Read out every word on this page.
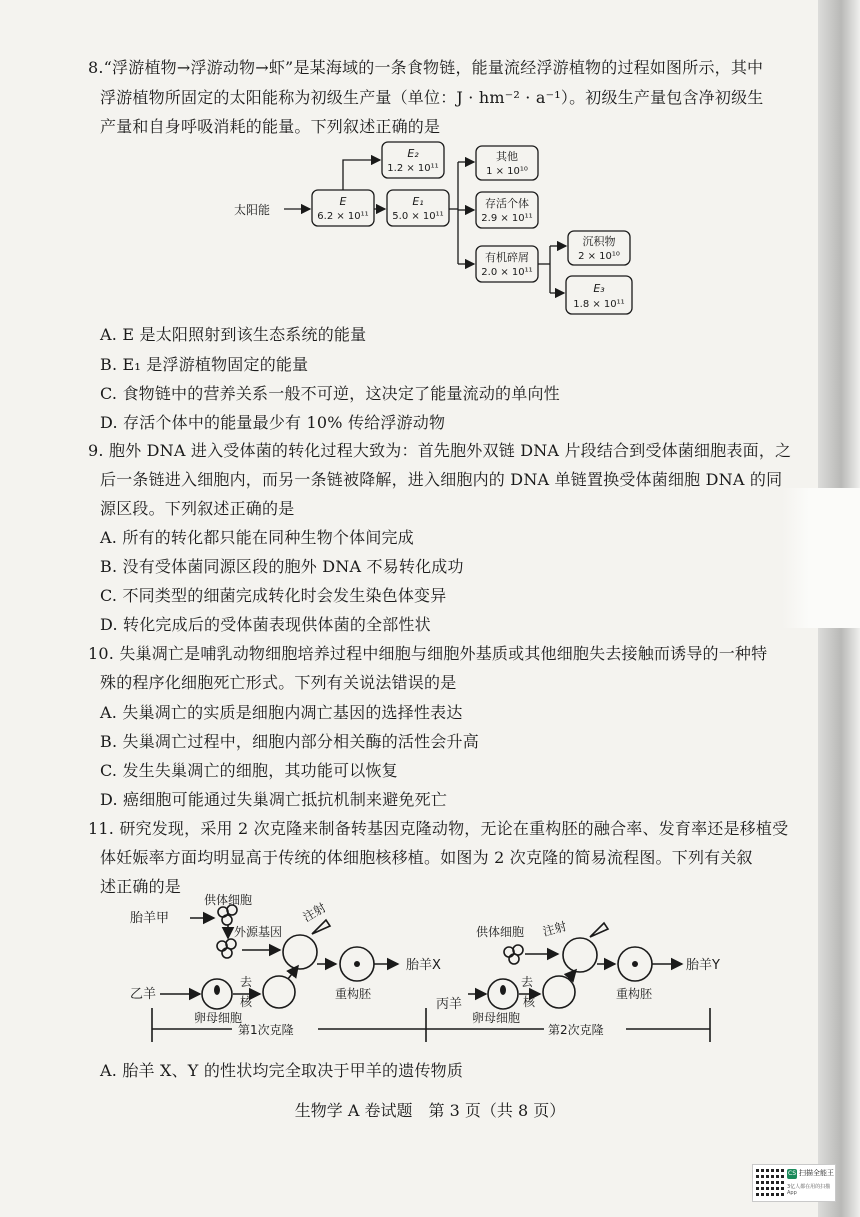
8.“浮游植物→浮游动物→虾”是某海域的一条食物链，能量流经浮游植物的过程如图所示，其中
浮游植物所固定的太阳能称为初级生产量（单位：J · hm⁻² · a⁻¹）。初级生产量包含净初级生
产量和自身呼吸消耗的能量。下列叙述正确的是
太阳能
E
6.2 × 10¹¹
E₁
5.0 × 10¹¹
E₂
1.2 × 10¹¹
其他
1 × 10¹⁰
存活个体
2.9 × 10¹¹
有机碎屑
2.0 × 10¹¹
沉积物
2 × 10¹⁰
E₃
1.8 × 10¹¹
A. E 是太阳照射到该生态系统的能量
B. E₁ 是浮游植物固定的能量
C. 食物链中的营养关系一般不可逆，这决定了能量流动的单向性
D. 存活个体中的能量最少有 10% 传给浮游动物
9. 胞外 DNA 进入受体菌的转化过程大致为：首先胞外双链 DNA 片段结合到受体菌细胞表面，之
后一条链进入细胞内，而另一条链被降解，进入细胞内的 DNA 单链置换受体菌细胞 DNA 的同
源区段。下列叙述正确的是
A. 所有的转化都只能在同种生物个体间完成
B. 没有受体菌同源区段的胞外 DNA 不易转化成功
C. 不同类型的细菌完成转化时会发生染色体变异
D. 转化完成后的受体菌表现供体菌的全部性状
10. 失巢凋亡是哺乳动物细胞培养过程中细胞与细胞外基质或其他细胞失去接触而诱导的一种特
殊的程序化细胞死亡形式。下列有关说法错误的是
A. 失巢凋亡的实质是细胞内凋亡基因的选择性表达
B. 失巢凋亡过程中，细胞内部分相关酶的活性会升高
C. 发生失巢凋亡的细胞，其功能可以恢复
D. 癌细胞可能通过失巢凋亡抵抗机制来避免死亡
11. 研究发现，采用 2 次克隆来制备转基因克隆动物，无论在重构胚的融合率、发育率还是移植受
体妊娠率方面均明显高于传统的体细胞核移植。如图为 2 次克隆的简易流程图。下列有关叙
述正确的是
胎羊甲
供体细胞
外源基因
注射
乙羊
去
核
卵母细胞
重构胚
胎羊X
供体细胞 注射
丙羊
去
核
卵母细胞
重构胚
胎羊Y
第1次克隆	第2次克隆
A. 胎羊 X、Y 的性状均完全取决于甲羊的遗传物质
生物学 A 卷试题　第 3 页（共 8 页）
CS 扫描全能王
3亿人都在用的扫描App
